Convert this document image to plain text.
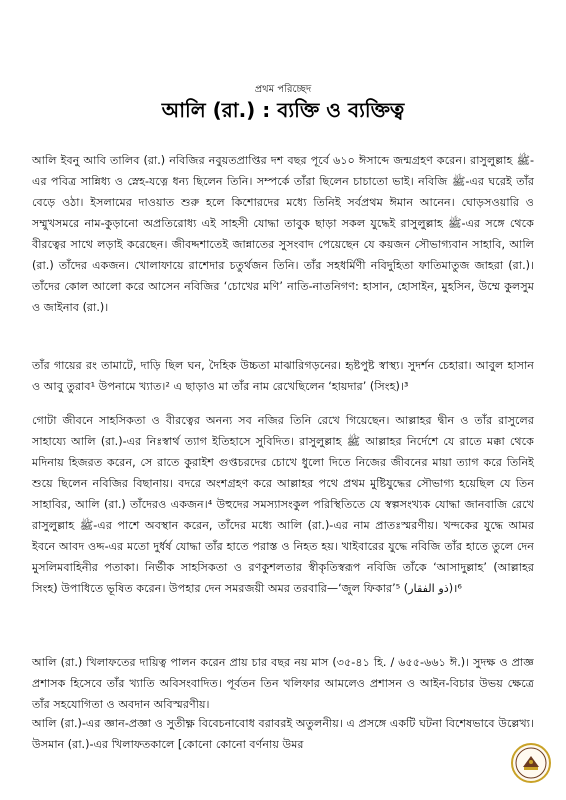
প্রথম পরিচ্ছেদ
আলি (রা.) : ব্যক্তি ও ব্যক্তিত্ব

আলি ইবনু আবি তালিব (রা.) নবিজির নবুয়তপ্রাপ্তির দশ বছর পূর্বে ৬১০ ঈসাব্দে জন্মগ্রহণ করেন। রাসুলুল্লাহ ﷺ-এর পবিত্র সান্নিধ্য ও স্নেহ-যত্নে ধন্য ছিলেন তিনি। সম্পর্কে তাঁরা ছিলেন চাচাতো ভাই। নবিজি ﷺ-এর ঘরেই তাঁর বেড়ে ওঠা। ইসলামের দাওয়াত শুরু হলে কিশোরদের মধ্যে তিনিই সর্বপ্রথম ঈমান আনেন। ঘোড়সওয়ারি ও সম্মুখসমরে নাম-কুড়ানো অপ্রতিরোধ্য এই সাহসী যোদ্ধা তাবুক ছাড়া সকল যুদ্ধেই রাসুলুল্লাহ ﷺ-এর সঙ্গে থেকে বীরত্বের সাথে লড়াই করেছেন। জীবদ্দশাতেই জান্নাতের সুসংবাদ পেয়েছেন যে কয়জন সৌভাগ্যবান সাহাবি, আলি (রা.) তাঁদের একজন। খোলাফায়ে রাশেদার চতুর্থজন তিনি। তাঁর সহধর্মিণী নবিদুহিতা ফাতিমাতুজ জাহরা (রা.)। তাঁদের কোল আলো করে আসেন নবিজির ‘চোখের মণি’ নাতি-নাতনিগণ: হাসান, হোসাইন, মুহসিন, উম্মে কুলসুম ও জাইনাব (রা.)।

তাঁর গায়ের রং তামাটে, দাড়ি ছিল ঘন, দৈহিক উচ্চতা মাঝারিগড়নের। হৃষ্টপুষ্ট স্বাস্থ্য। সুদর্শন চেহারা। আবুল হাসান ও আবু তুরাব¹ উপনামে খ্যাত।² এ ছাড়াও মা তাঁর নাম রেখেছিলেন ‘হায়দার’ (সিংহ)।³

গোটা জীবনে সাহসিকতা ও বীরত্বের অনন্য সব নজির তিনি রেখে গিয়েছেন। আল্লাহর দ্বীন ও তাঁর রাসুলের সাহায্যে আলি (রা.)-এর নিঃস্বার্থ ত্যাগ ইতিহাসে সুবিদিত। রাসুলুল্লাহ ﷺ আল্লাহর নির্দেশে যে রাতে মক্কা থেকে মদিনায় হিজরত করেন, সে রাতে কুরাইশ গুপ্তচরদের চোখে ধুলো দিতে নিজের জীবনের মায়া ত্যাগ করে তিনিই শুয়ে ছিলেন নবিজির বিছানায়। বদরে অংশগ্রহণ করে আল্লাহর পথে প্রথম মুষ্টিযুদ্ধের সৌভাগ্য হয়েছিল যে তিন সাহাবির, আলি (রা.) তাঁদেরও একজন।⁴ উহুদের সমস্যাসংকুল পরিস্থিতিতে যে স্বল্পসংখ্যক যোদ্ধা জানবাজি রেখে রাসুলুল্লাহ ﷺ-এর পাশে অবস্থান করেন, তাঁদের মধ্যে আলি (রা.)-এর নাম প্রাতঃস্মরণীয়। খন্দকের যুদ্ধে আমর ইবনে আবদ ওদ্দ-এর মতো দুর্ধর্ষ যোদ্ধা তাঁর হাতে পরাস্ত ও নিহত হয়। খাইবারের যুদ্ধে নবিজি তাঁর হাতে তুলে দেন মুসলিমবাহিনীর পতাকা। নির্ভীক সাহসিকতা ও রণকুশলতার স্বীকৃতিস্বরূপ নবিজি তাঁকে ‘আসাদুল্লাহ’ (আল্লাহর সিংহ) উপাধিতে ভূষিত করেন। উপহার দেন সমরজয়ী অমর তরবারি—‘জুল ফিকার’⁵ (ذو الفقار)।⁶

আলি (রা.) খিলাফতের দায়িত্ব পালন করেন প্রায় চার বছর নয় মাস (৩৫-৪১ হি. / ৬৫৫-৬৬১ ঈ.)। সুদক্ষ ও প্রাজ্ঞ প্রশাসক হিসেবে তাঁর খ্যাতি অবিসংবাদিত। পূর্বতন তিন খলিফার আমলেও প্রশাসন ও আইন-বিচার উভয় ক্ষেত্রে তাঁর সহযোগিতা ও অবদান অবিস্মরণীয়।

আলি (রা.)-এর জ্ঞান-প্রজ্ঞা ও সুতীক্ষ্ণ বিবেচনাবোধ বরাবরই অতুলনীয়। এ প্রসঙ্গে একটি ঘটনা বিশেষভাবে উল্লেখ্য। উসমান (রা.)-এর খিলাফতকালে [কোনো কোনো বর্ণনায় উমর
